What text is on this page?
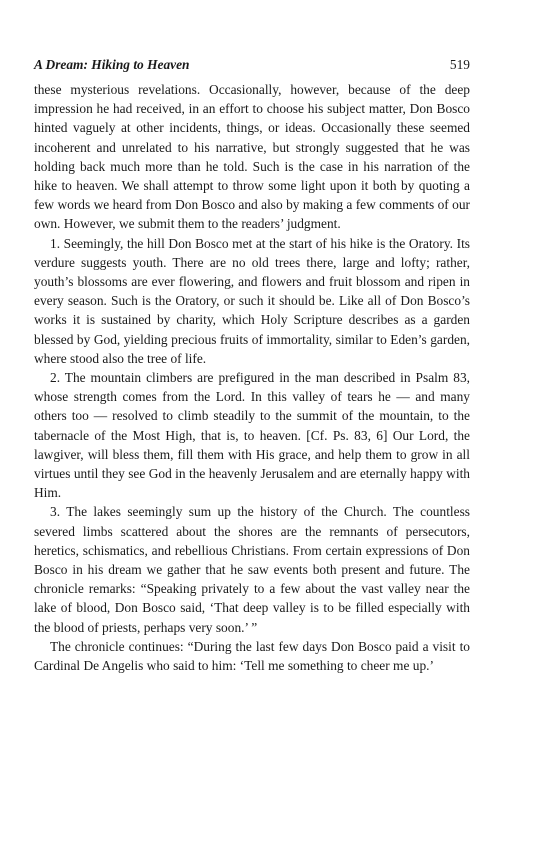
A Dream: Hiking to Heaven	519

these mysterious revelations. Occasionally, however, because of the deep impression he had received, in an effort to choose his subject matter, Don Bosco hinted vaguely at other incidents, things, or ideas. Occasionally these seemed incoherent and unrelated to his narrative, but strongly suggested that he was holding back much more than he told. Such is the case in his narration of the hike to heaven. We shall attempt to throw some light upon it both by quoting a few words we heard from Don Bosco and also by making a few comments of our own. However, we submit them to the readers’ judgment.

1. Seemingly, the hill Don Bosco met at the start of his hike is the Oratory. Its verdure suggests youth. There are no old trees there, large and lofty; rather, youth’s blossoms are ever flowering, and flowers and fruit blossom and ripen in every season. Such is the Oratory, or such it should be. Like all of Don Bosco’s works it is sustained by charity, which Holy Scripture describes as a garden blessed by God, yielding precious fruits of immortality, similar to Eden’s garden, where stood also the tree of life.

2. The mountain climbers are prefigured in the man described in Psalm 83, whose strength comes from the Lord. In this valley of tears he — and many others too — resolved to climb steadily to the summit of the mountain, to the tabernacle of the Most High, that is, to heaven. [Cf. Ps. 83, 6] Our Lord, the lawgiver, will bless them, fill them with His grace, and help them to grow in all virtues until they see God in the heavenly Jerusalem and are eternally happy with Him.

3. The lakes seemingly sum up the history of the Church. The countless severed limbs scattered about the shores are the remnants of persecutors, heretics, schismatics, and rebellious Christians. From certain expressions of Don Bosco in his dream we gather that he saw events both present and future. The chronicle remarks: “Speaking privately to a few about the vast valley near the lake of blood, Don Bosco said, ‘That deep valley is to be filled especially with the blood of priests, perhaps very soon.’ ”

The chronicle continues: “During the last few days Don Bosco paid a visit to Cardinal De Angelis who said to him: ‘Tell me something to cheer me up.’
